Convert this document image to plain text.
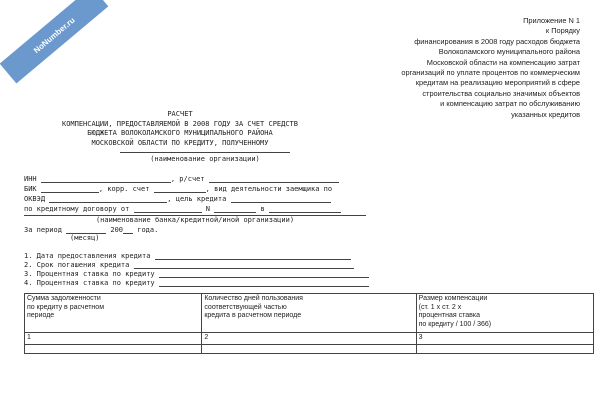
NoNumber.ru	Приложение N 1
к Порядку
финансирования в 2008 году расходов бюджета
Волоколамского муниципального района
Московской области на компенсацию затрат
организаций по уплате процентов по коммерческим
кредитам на реализацию мероприятий в сфере
строительства социально значимых объектов
и компенсацию затрат по обслуживанию
указанных кредитов
РАСЧЕТ
КОМПЕНСАЦИИ, ПРЕДОСТАВЛЯЕМОЙ В 2008 ГОДУ ЗА СЧЕТ СРЕДСТВ
БЮДЖЕТА ВОЛОКОЛАМСКОГО МУНИЦИПАЛЬНОГО РАЙОНА
МОСКОВСКОЙ ОБЛАСТИ ПО КРЕДИТУ, ПОЛУЧЕННОМУ
(наименование организации)
ИНН	, р/счет
БИК	, корр. счет	, вид деятельности заемщика по
ОКВЭД	, цель кредита
по кредитному договору от	N	в
(наименование банка/кредитной/иной организации)
За период	200 года.
(месяц)
1. Дата предоставления кредита
2. Срок погашения кредита
3. Процентная ставка по кредиту
4. Процентная ставка по кредиту
Сумма задолженности
по кредиту в расчетном
периоде	Количество дней пользования
соответствующей частью
кредита в расчетном периоде	Размер компенсации
(ст. 1 x ст. 2 x
процентная ставка
по кредиту / 100 / 366)
1	2	3
